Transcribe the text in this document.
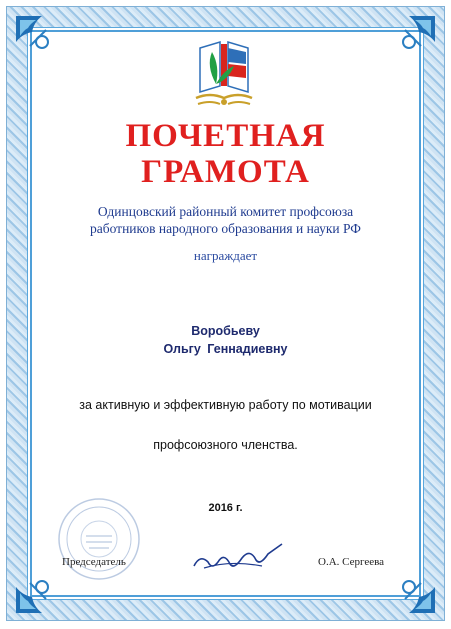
ПОЧЕТНАЯ
ГРАМОТА
Одинцовский районный комитет профсоюза
работников народного образования и науки РФ
награждает
Воробьеву
Ольгу Геннадиевну
за активную и эффективную работу по мотивации
профсоюзного членства.
2016 г.
Председатель	О.А. Сергеева
